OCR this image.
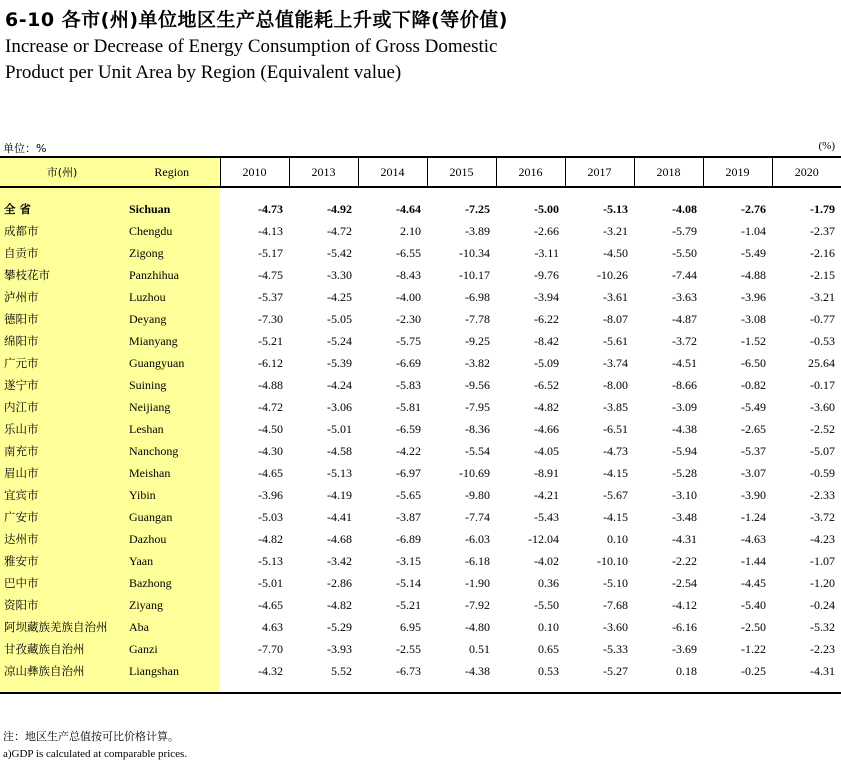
6-10 各市(州)单位地区生产总值能耗上升或下降(等价值)
Increase or Decrease of Energy Consumption of Gross Domestic
Product per Unit Area by Region (Equivalent value)
单位：%	(%)
市(州)	Region	2010	2013	2014	2015	2016	2017	2018	2019	2020

全 省	Sichuan	-4.73	-4.92	-4.64	-7.25	-5.00	-5.13	-4.08	-2.76	-1.79
成都市	Chengdu	-4.13	-4.72	2.10	-3.89	-2.66	-3.21	-5.79	-1.04	-2.37
自贡市	Zigong	-5.17	-5.42	-6.55	-10.34	-3.11	-4.50	-5.50	-5.49	-2.16
攀枝花市	Panzhihua	-4.75	-3.30	-8.43	-10.17	-9.76	-10.26	-7.44	-4.88	-2.15
泸州市	Luzhou	-5.37	-4.25	-4.00	-6.98	-3.94	-3.61	-3.63	-3.96	-3.21
德阳市	Deyang	-7.30	-5.05	-2.30	-7.78	-6.22	-8.07	-4.87	-3.08	-0.77
绵阳市	Mianyang	-5.21	-5.24	-5.75	-9.25	-8.42	-5.61	-3.72	-1.52	-0.53
广元市	Guangyuan	-6.12	-5.39	-6.69	-3.82	-5.09	-3.74	-4.51	-6.50	25.64
遂宁市	Suining	-4.88	-4.24	-5.83	-9.56	-6.52	-8.00	-8.66	-0.82	-0.17
内江市	Neijiang	-4.72	-3.06	-5.81	-7.95	-4.82	-3.85	-3.09	-5.49	-3.60
乐山市	Leshan	-4.50	-5.01	-6.59	-8.36	-4.66	-6.51	-4.38	-2.65	-2.52
南充市	Nanchong	-4.30	-4.58	-4.22	-5.54	-4.05	-4.73	-5.94	-5.37	-5.07
眉山市	Meishan	-4.65	-5.13	-6.97	-10.69	-8.91	-4.15	-5.28	-3.07	-0.59
宜宾市	Yibin	-3.96	-4.19	-5.65	-9.80	-4.21	-5.67	-3.10	-3.90	-2.33
广安市	Guangan	-5.03	-4.41	-3.87	-7.74	-5.43	-4.15	-3.48	-1.24	-3.72
达州市	Dazhou	-4.82	-4.68	-6.89	-6.03	-12.04	0.10	-4.31	-4.63	-4.23
雅安市	Yaan	-5.13	-3.42	-3.15	-6.18	-4.02	-10.10	-2.22	-1.44	-1.07
巴中市	Bazhong	-5.01	-2.86	-5.14	-1.90	0.36	-5.10	-2.54	-4.45	-1.20
资阳市	Ziyang	-4.65	-4.82	-5.21	-7.92	-5.50	-7.68	-4.12	-5.40	-0.24
阿坝藏族羌族自治州	Aba	4.63	-5.29	6.95	-4.80	0.10	-3.60	-6.16	-2.50	-5.32
甘孜藏族自治州	Ganzi	-7.70	-3.93	-2.55	0.51	0.65	-5.33	-3.69	-1.22	-2.23
凉山彝族自治州	Liangshan	-4.32	5.52	-6.73	-4.38	0.53	-5.27	0.18	-0.25	-4.31

注：地区生产总值按可比价格计算。
a)GDP is calculated at comparable prices.
